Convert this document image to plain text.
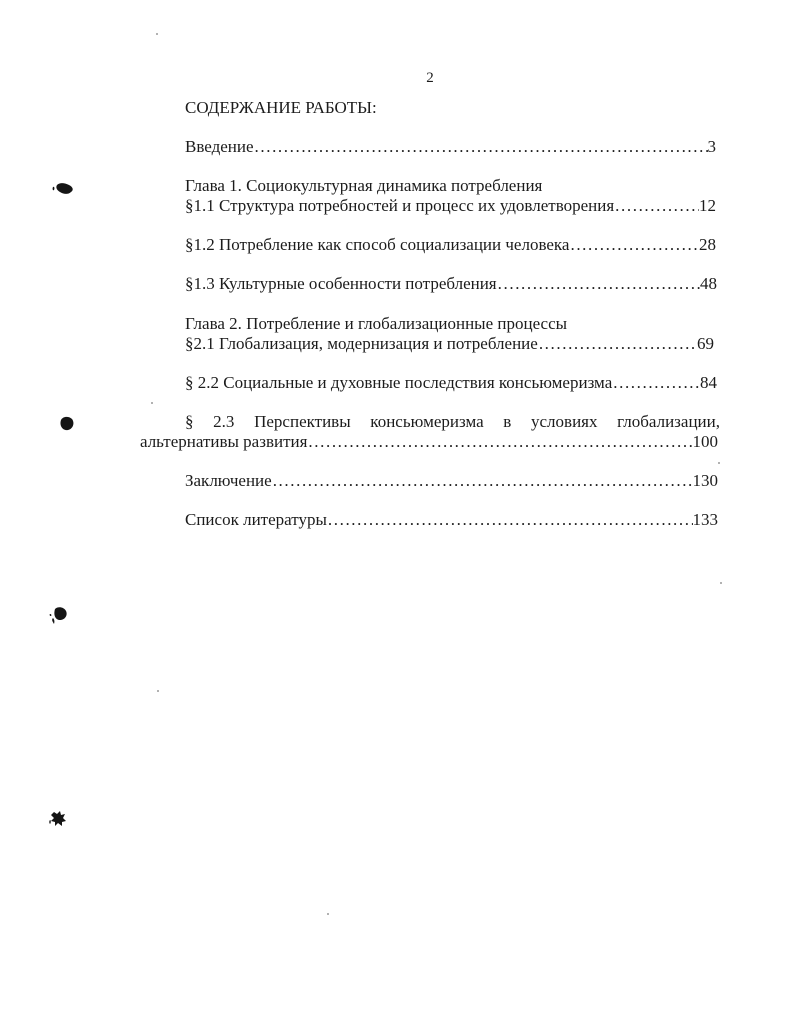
2
СОДЕРЖАНИЕ РАБОТЫ:
Введение .....	3
Глава 1. Социокультурная динамика потребления
§1.1 Структура потребностей и процесс их удовлетворения .....	12
§1.2 Потребление как способ социализации человека .....	28
§1.3 Культурные особенности потребления .....	48
Глава 2. Потребление и глобализационные процессы
§2.1 Глобализация, модернизация и потребление .....	69
§ 2.2 Социальные и духовные последствия консьюмеризма .....	84
§ 2.3 Перспективы консьюмеризма в условиях глобализации,
альтернативы развития .....	100
Заключение .....	130
Список литературы .....	133
